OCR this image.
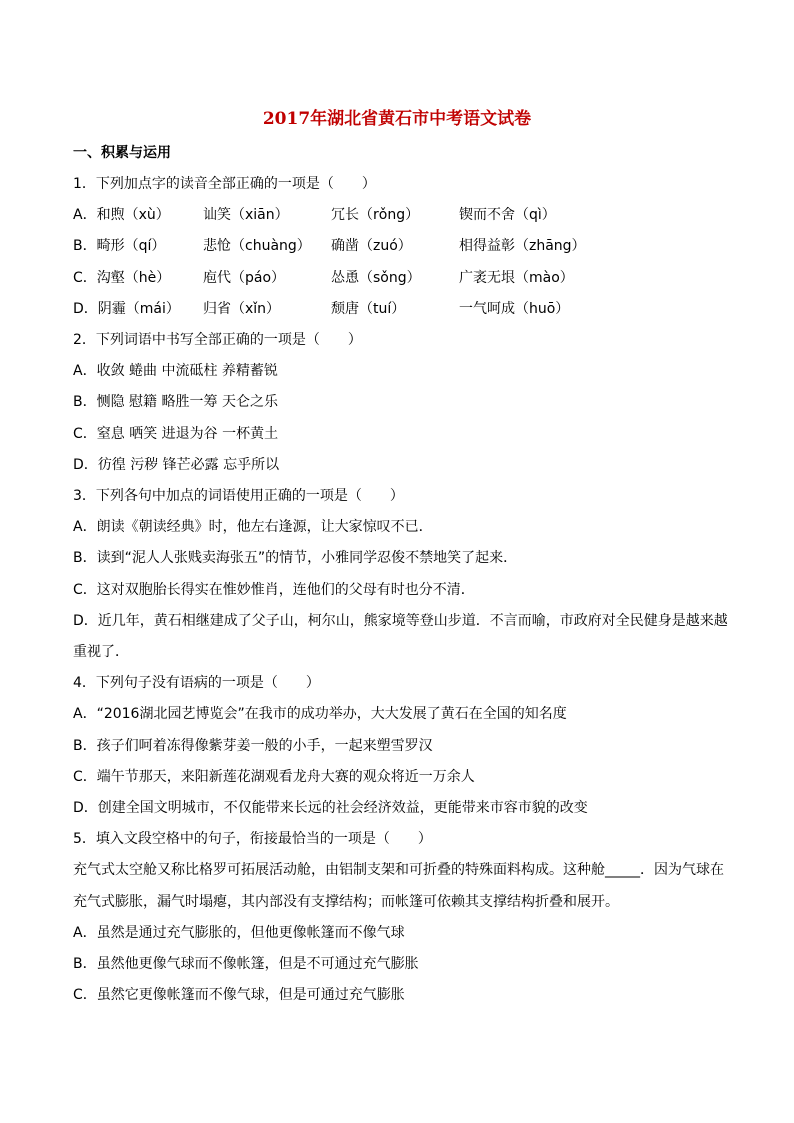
2017年湖北省黄石市中考语文试卷
一、积累与运用
1．下列加点字的读音全部正确的一项是（　　）
A．和煦（xù） 讪笑（xiān）	冗长（rǒng）	锲而不舍（qì）
B．畸形（qí）	悲怆（chuàng） 确凿（zuó）	相得益彰（zhāng）
C．沟壑（hè） 庖代（páo）	怂恿（sǒng）	广袤无垠（mào）
D．阴霾（mái） 归省（xǐn）	颓唐（tuí）	一气呵成（huō）
2．下列词语中书写全部正确的一项是（　　）
A．收敛 蜷曲 中流砥柱 养精蓄锐
B．恻隐 慰籍 略胜一筹 天仑之乐
C．窒息 哂笑 进退为谷 一杯黄土
D．彷徨 污秽 锋芒必露 忘乎所以
3．下列各句中加点的词语使用正确的一项是（　　）
A．朗读《朝读经典》时，他左右逢源，让大家惊叹不已．
B．读到“泥人人张贱卖海张五”的情节，小雅同学忍俊不禁地笑了起来．
C．这对双胞胎长得实在惟妙惟肖，连他们的父母有时也分不清．
D．近几年，黄石相继建成了父子山，柯尔山，熊家境等登山步道．不言而喻，市政府对全民健身是越来越
重视了．
4．下列句子没有语病的一项是（　　）
A．“2016湖北园艺博览会”在我市的成功举办，大大发展了黄石在全国的知名度
B．孩子们呵着冻得像紫芽姜一般的小手，一起来塑雪罗汉
C．端午节那天，来阳新莲花湖观看龙舟大赛的观众将近一万余人
D．创建全国文明城市，不仅能带来长远的社会经济效益，更能带来市容市貌的改变
5．填入文段空格中的句子，衔接最恰当的一项是（　　）
充气式太空舱又称比格罗可拓展活动舱，由铝制支架和可折叠的特殊面料构成。这种舱_____．因为气球在
充气式膨胀，漏气时塌瘪，其内部没有支撑结构；而帐篷可依赖其支撑结构折叠和展开。
A．虽然是通过充气膨胀的，但他更像帐篷而不像气球
B．虽然他更像气球而不像帐篷，但是不可通过充气膨胀
C．虽然它更像帐篷而不像气球，但是可通过充气膨胀
